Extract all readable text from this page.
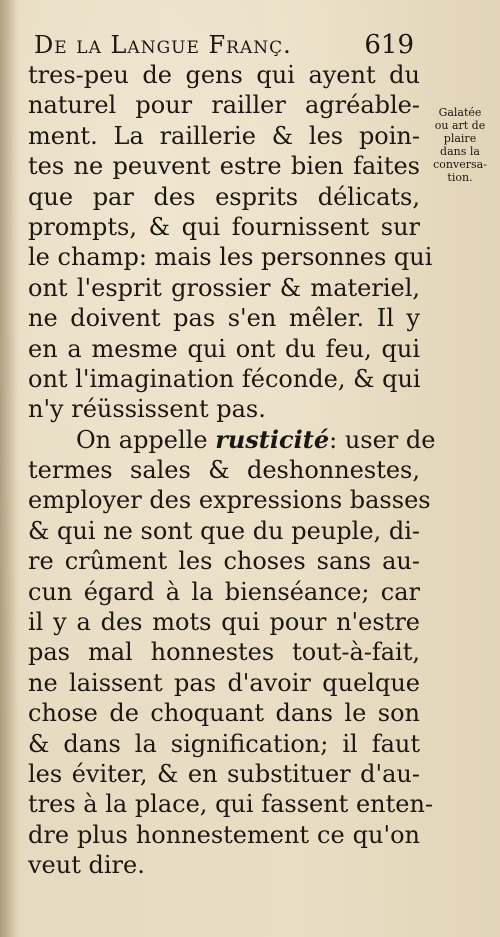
De la Langue Franç.	619
Galatée
ou art de
plaire
dans la
conversa-
tion.
tres-peu de gens qui ayent du
naturel pour railler agréable-
ment. La raillerie & les poin-
tes ne peuvent estre bien faites
que par des esprits délicats,
prompts, & qui fournissent sur
le champ: mais les personnes qui
ont l'esprit grossier & materiel,
ne doivent pas s'en mêler. Il y
en a mesme qui ont du feu, qui
ont l'imagination féconde, & qui
n'y réüssissent pas.
On appelle rusticité: user de
termes sales & deshonnestes,
employer des expressions basses
& qui ne sont que du peuple, di-
re crûment les choses sans au-
cun égard à la bienséance; car
il y a des mots qui pour n'estre
pas mal honnestes tout-à-fait,
ne laissent pas d'avoir quelque
chose de choquant dans le son
& dans la signification; il faut
les éviter, & en substituer d'au-
tres à la place, qui fassent enten-
dre plus honnestement ce qu'on
veut dire.
